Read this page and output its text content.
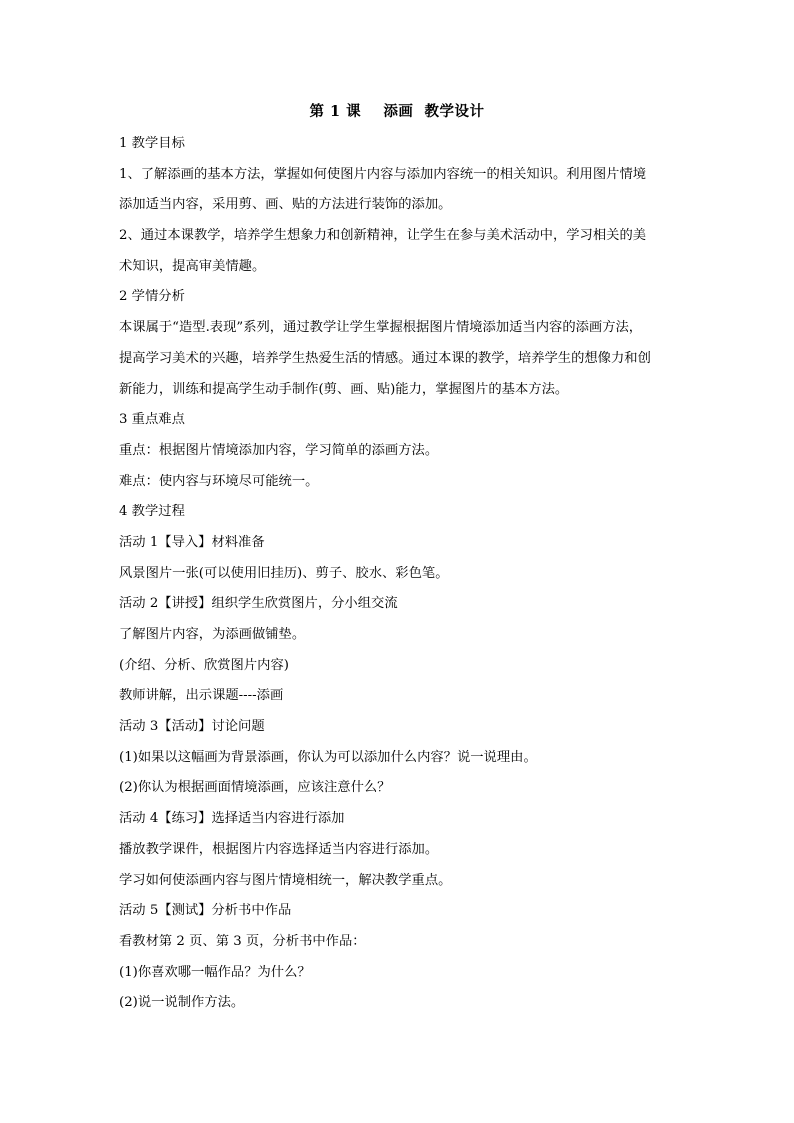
第 1 课    添画  教学设计
1 教学目标
1、了解添画的基本方法，掌握如何使图片内容与添加内容统一的相关知识。利用图片情境
添加适当内容，采用剪、画、贴的方法进行装饰的添加。
2、通过本课教学，培养学生想象力和创新精神，让学生在参与美术活动中，学习相关的美
术知识，提高审美情趣。
2 学情分析
本课属于“造型.表现”系列，通过教学让学生掌握根据图片情境添加适当内容的添画方法，
提高学习美术的兴趣，培养学生热爱生活的情感。通过本课的教学，培养学生的想像力和创
新能力，训练和提高学生动手制作(剪、画、贴)能力，掌握图片的基本方法。
3 重点难点
重点：根据图片情境添加内容，学习简单的添画方法。
难点：使内容与环境尽可能统一。
4 教学过程
活动 1【导入】材料准备
风景图片一张(可以使用旧挂历)、剪子、胶水、彩色笔。
活动 2【讲授】组织学生欣赏图片，分小组交流
了解图片内容，为添画做铺垫。
(介绍、分析、欣赏图片内容)
教师讲解，出示课题----添画
活动 3【活动】讨论问题
(1)如果以这幅画为背景添画，你认为可以添加什么内容？说一说理由。
(2)你认为根据画面情境添画，应该注意什么？
活动 4【练习】选择适当内容进行添加
播放教学课件，根据图片内容选择适当内容进行添加。
学习如何使添画内容与图片情境相统一，解决教学重点。
活动 5【测试】分析书中作品
看教材第 2 页、第 3 页，分析书中作品：
(1)你喜欢哪一幅作品？为什么？
(2)说一说制作方法。
